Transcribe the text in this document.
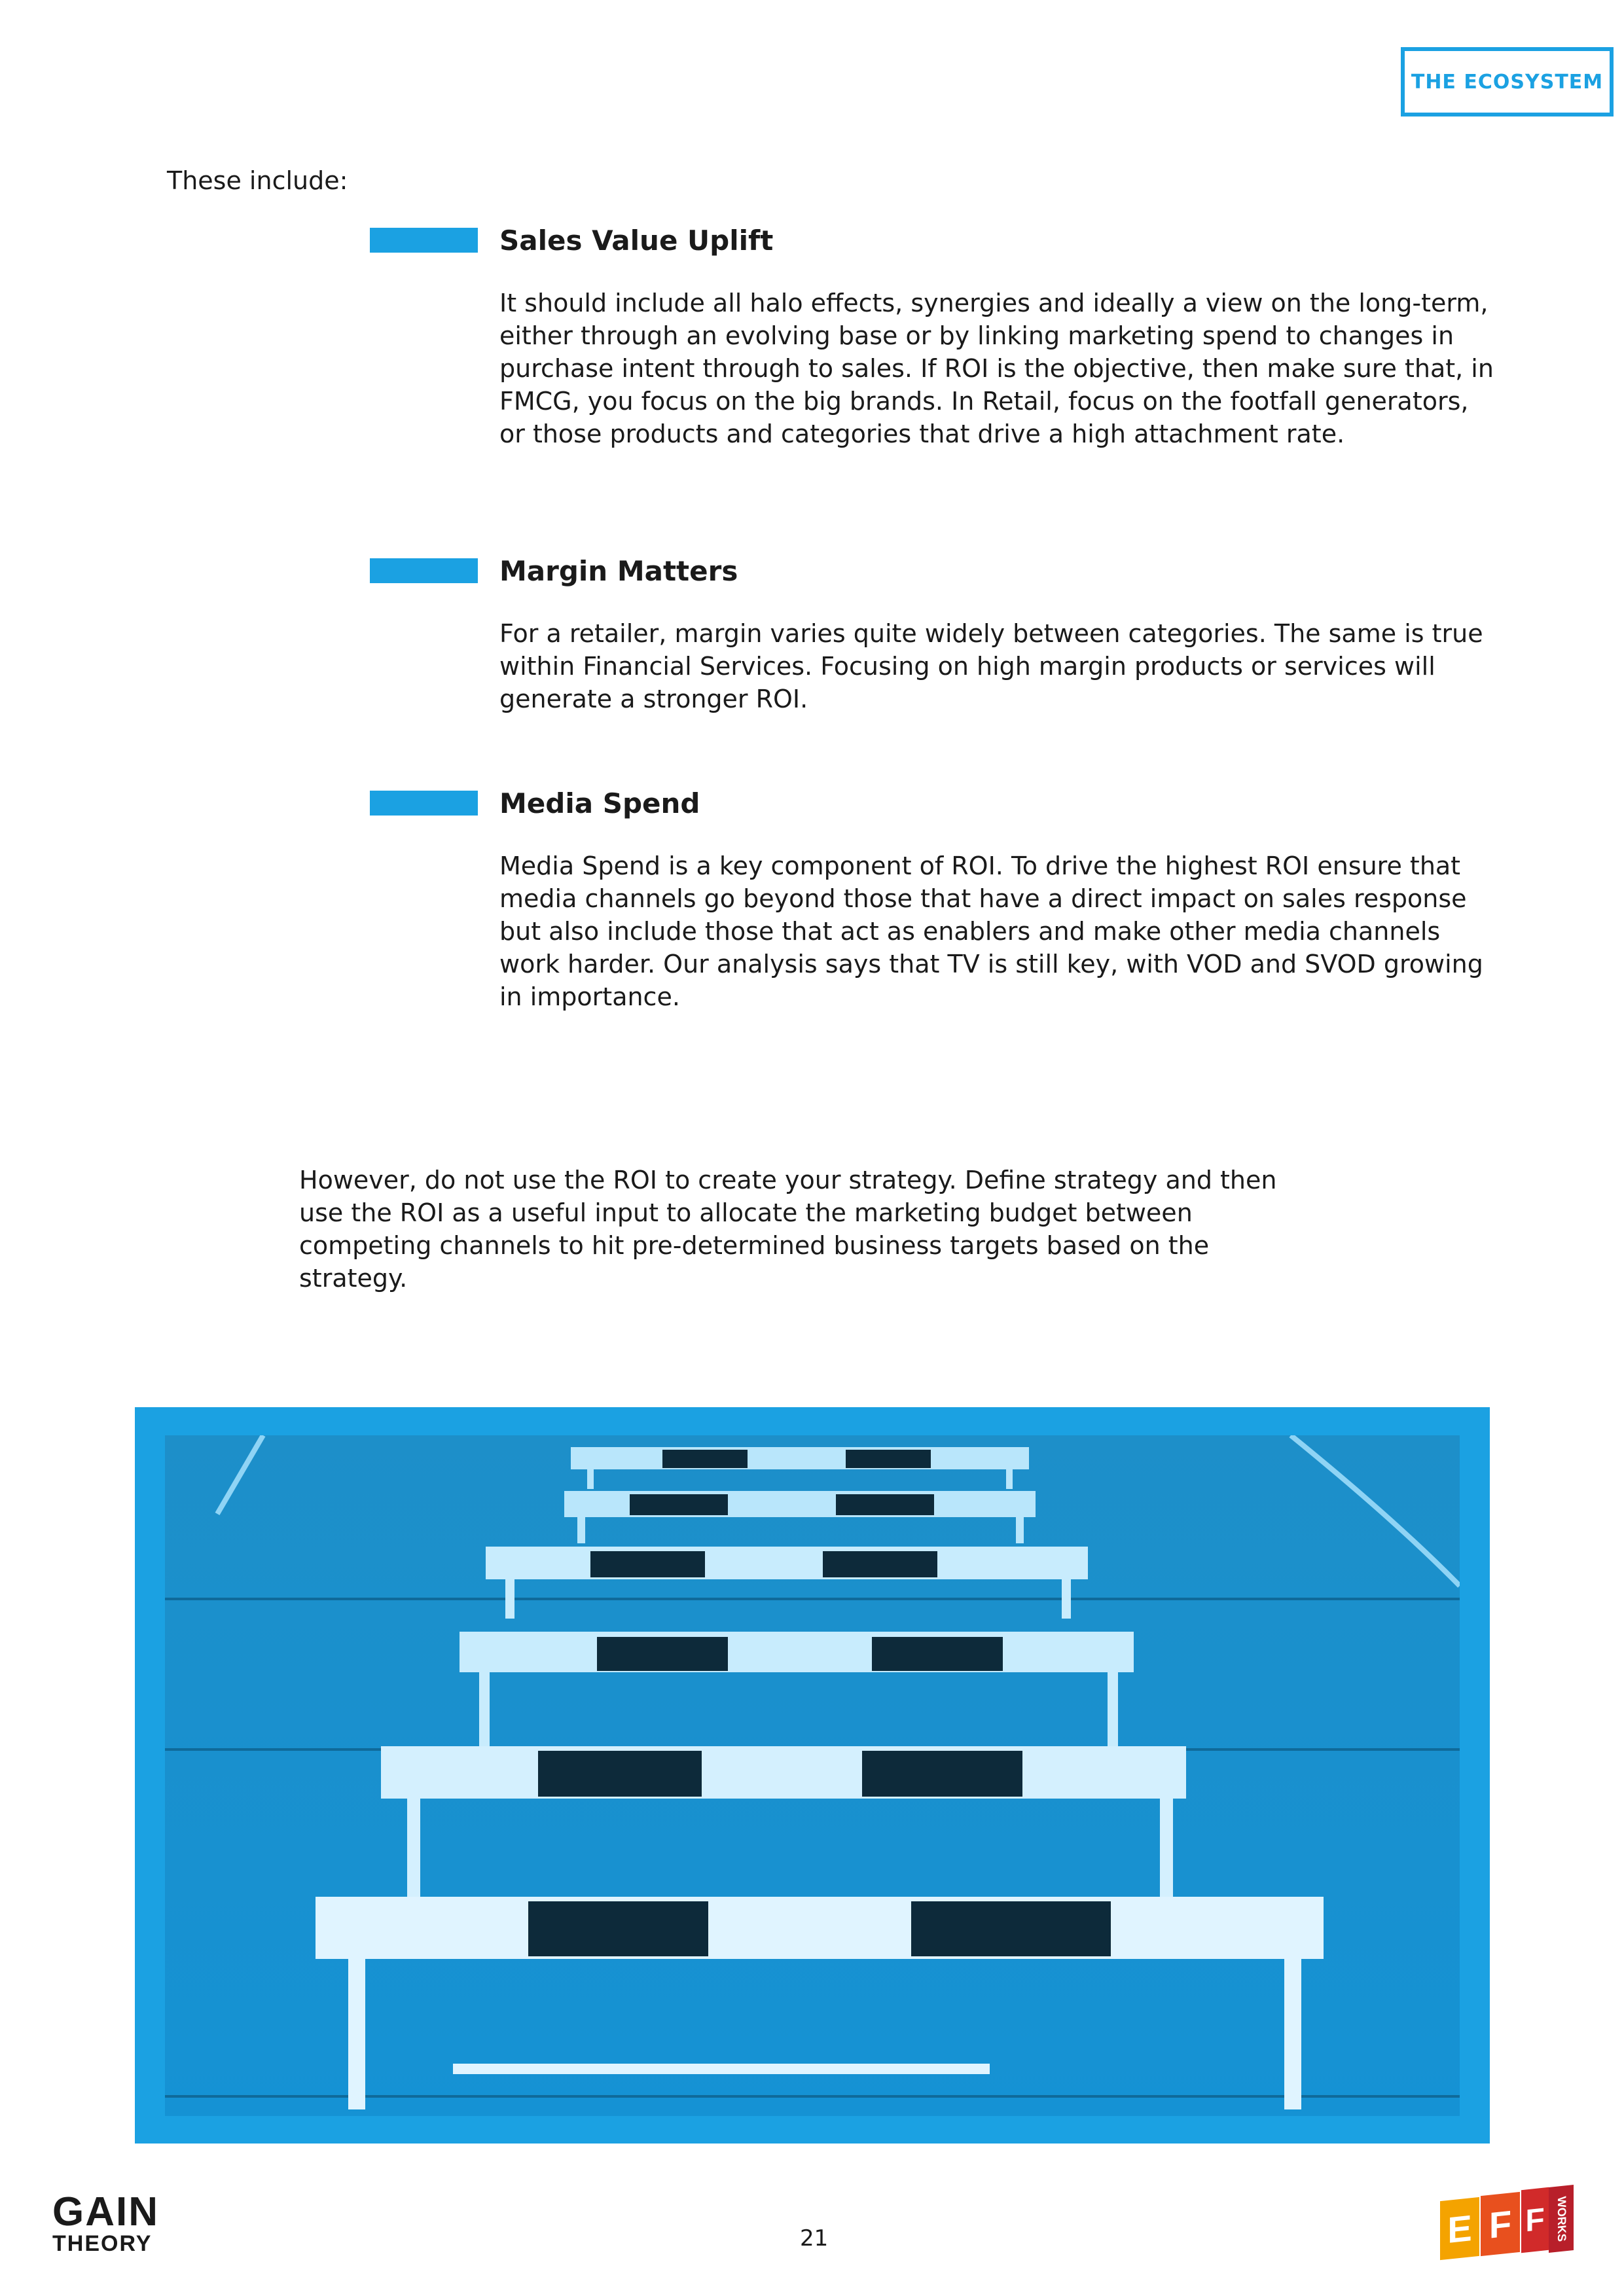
THE ECOSYSTEM
These include:
Sales Value Uplift
It should include all halo effects, synergies and ideally a view on the long-term, either through an evolving base or by linking marketing spend to changes in purchase intent through to sales. If ROI is the objective, then make sure that, in FMCG, you focus on the big brands. In Retail, focus on the footfall generators, or those products and categories that drive a high attachment rate.
Margin Matters
For a retailer, margin varies quite widely between categories. The same is true within Financial Services. Focusing on high margin products or services will generate a stronger ROI.
Media Spend
Media Spend is a key component of ROI. To drive the highest ROI ensure that media channels go beyond those that have a direct impact on sales response but also include those that act as enablers and make other media channels work harder. Our analysis says that TV is still key, with VOD and SVOD growing in importance.
However, do not use the ROI to create your strategy. Define strategy and then use the ROI as a useful input to allocate the marketing budget between competing channels to hit pre-determined business targets based on the strategy.
GAIN
THEORY	21	E F F WORKS
